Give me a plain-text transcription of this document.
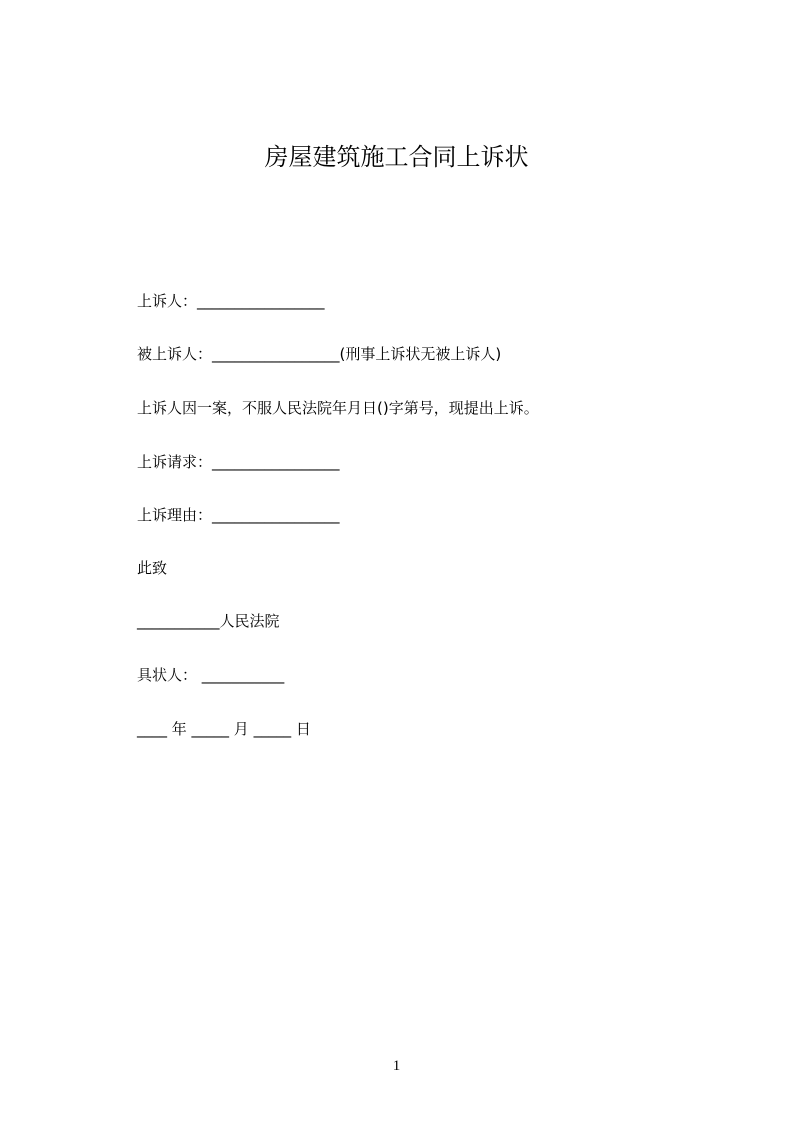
房屋建筑施工合同上诉状
上诉人：_________________
被上诉人：_________________(刑事上诉状无被上诉人)
上诉人因一案，不服人民法院年月日()字第号，现提出上诉。
上诉请求：_________________
上诉理由：_________________
此致
___________人民法院
具状人： ___________
____ 年 _____ 月 _____ 日
1
